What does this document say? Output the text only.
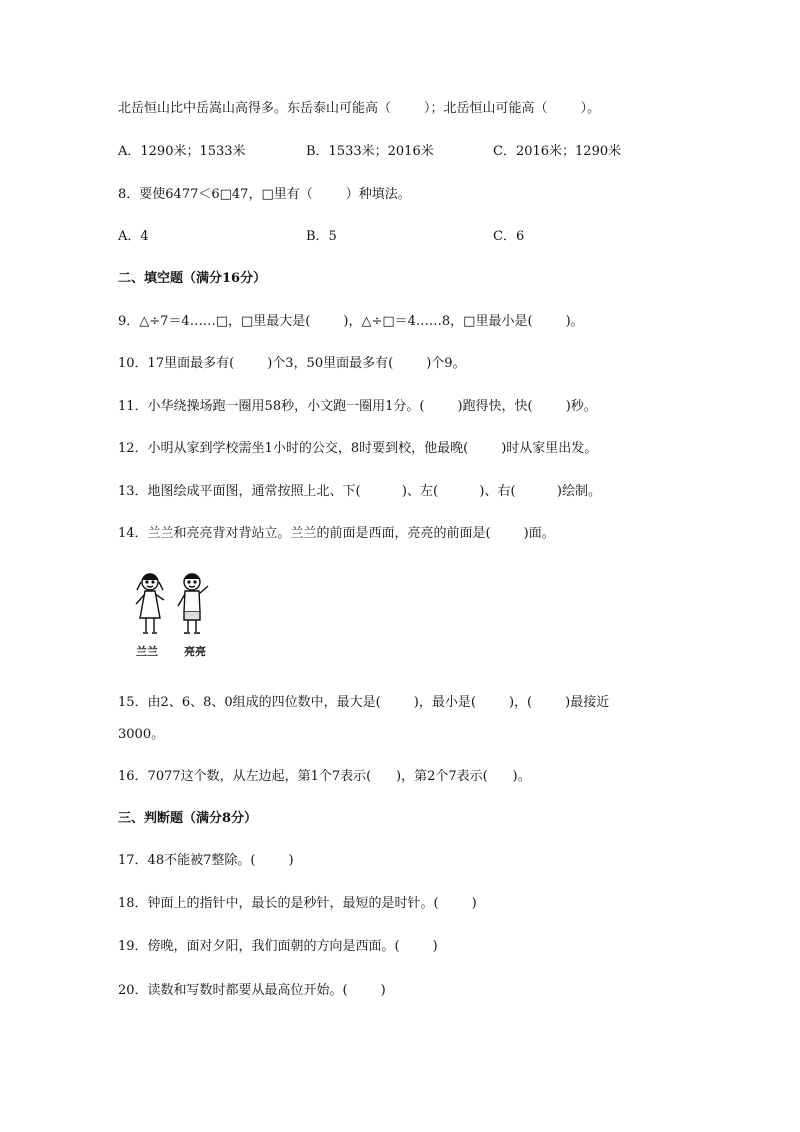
北岳恒山比中岳嵩山高得多。东岳泰山可能高（        ）；北岳恒山可能高（        ）。
A．1290米；1533米	B．1533米；2016米	C．2016米；1290米
8．要使6477＜6□47，□里有（        ）种填法。
A．4	B．5	C．6
二、填空题（满分16分）
9．△÷7＝4……□，□里最大是(        )，△÷□＝4……8，□里最小是(        )。
10．17里面最多有(        )个3，50里面最多有(        )个9。
11．小华绕操场跑一圈用58秒，小文跑一圈用1分。(        )跑得快，快(        )秒。
12．小明从家到学校需坐1小时的公交，8时要到校，他最晚(        )时从家里出发。
13．地图绘成平面图，通常按照上北、下(          )、左(          )、右(          )绘制。
14．兰兰和亮亮背对背站立。兰兰的前面是西面，亮亮的前面是(        )面。
兰兰 亮亮
15．由2、6、8、0组成的四位数中，最大是(        )，最小是(        )，(        )最接近
3000。
16．7077这个数，从左边起，第1个7表示(      )，第2个7表示(      )。
三、判断题（满分8分）
17．48不能被7整除。(        )
18．钟面上的指针中，最长的是秒针，最短的是时针。(        )
19．傍晚，面对夕阳，我们面朝的方向是西面。(        )
20．读数和写数时都要从最高位开始。(        )
